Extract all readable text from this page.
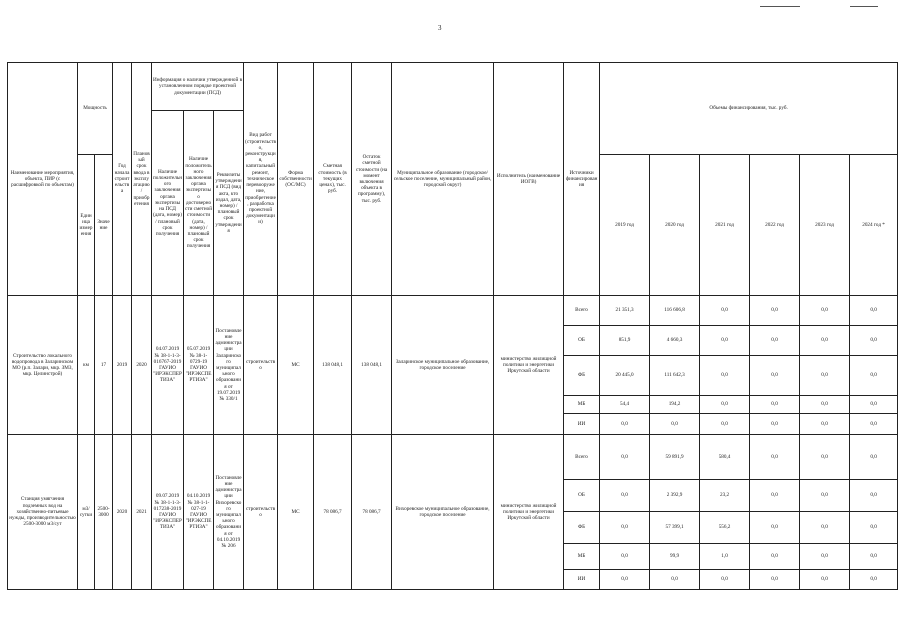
3
Наименование мероприятия, объекта, ПИР (с расшифровкой по объектам)	Мощность		Год начала строительства	Плановый срок ввода в эксплуатацию / приобретения	Информация о наличии утвержденной в установленном порядке проектной документации (ПСД)			Вид работ (строительство, реконструкция, капитальный ремонт, техническое перевооружение, приобретение, разработка проектной документации)	Форма собственности (ОС/МС)	Сметная стоимость (в текущих ценах), тыс. руб.	Остаток сметной стоимости (на момент включения объекта в программу), тыс. руб.	Муниципальное образование (городское/сельское поселение, муниципальный район, городской округ)	Исполнитель (наименование ИОГВ)	Источники финансирования	Объемы финансирования, тыс. руб.					
					Наличие положительного заключения органа экспертизы на ПСД (дата, номер) / плановый срок получения	Наличие положительного заключения органа экспертизы о достоверности сметной стоимости (дата, номер) / плановый срок получения	Реквизиты утверждения ПСД (вид акта, кто издал, дата, номер) / плановый срок утверждения													
	Единица измерения	Значение													2019 год	2020 год	2021 год	2022 год	2023 год	2024 год *
Строительство локального водопровода в Заларинском МО (р.п. Залари, мкр. ЗМЗ, мкр. Целинстрой)	км	17	2019	2020	04.07.2019 № 38-1-1-3-016767-2019 ГАУИО "ИРЭКСПЕРТИЗА"	05.07.2019 № 38-1-0729-19 ГАУИО "ИРЭКСПЕРТИЗА"	Постановление администрации Заларинского муниципального образования от 19.07.2019 № 330/1	строительство	МС	138 048,1	138 048,1	Заларинское муниципальное образование, городское поселение	министерство жилищной политики и энергетики Иркутской области	Всего	21 351,3	116 606,8	0,0	0,0	0,0	0,0
														ОБ	851,9	4 660,3	0,0	0,0	0,0	0,0
														ФБ	20 445,0	111 642,3	0,0	0,0	0,0	0,0
														МБ	54,4	194,2	0,0	0,0	0,0	0,0
														ИИ	0,0	0,0	0,0	0,0	0,0	0,0
Станция умягчения подземных вод на хозяйственно-питьевые нужды, производительностью 2500-3000 м3/сут	м3/сутки	2500-3000	2020	2021	09.07.2019 № 38-1-1-3-017238-2019 ГАУИО "ИРЭКСПЕРТИЗА"	04.10.2019 № 38-1-1-027-19 ГАУИО "ИРЭКСПЕРТИЗА"	Постановление администрации Вихоревского муниципального образования от 04.10.2019 № 206	строительство	МС	78 086,7	78 086,7	Вихоревское муниципальное образование, городское поселение	министерство жилищной политики и энергетики Иркутской области	Всего	0,0	59 891,9	580,4	0,0	0,0	0,0
														ОБ	0,0	2 392,9	23,2	0,0	0,0	0,0
														ФБ	0,0	57 399,1	556,2	0,0	0,0	0,0
														МБ	0,0	99,9	1,0	0,0	0,0	0,0
														ИИ	0,0	0,0	0,0	0,0	0,0	0,0
